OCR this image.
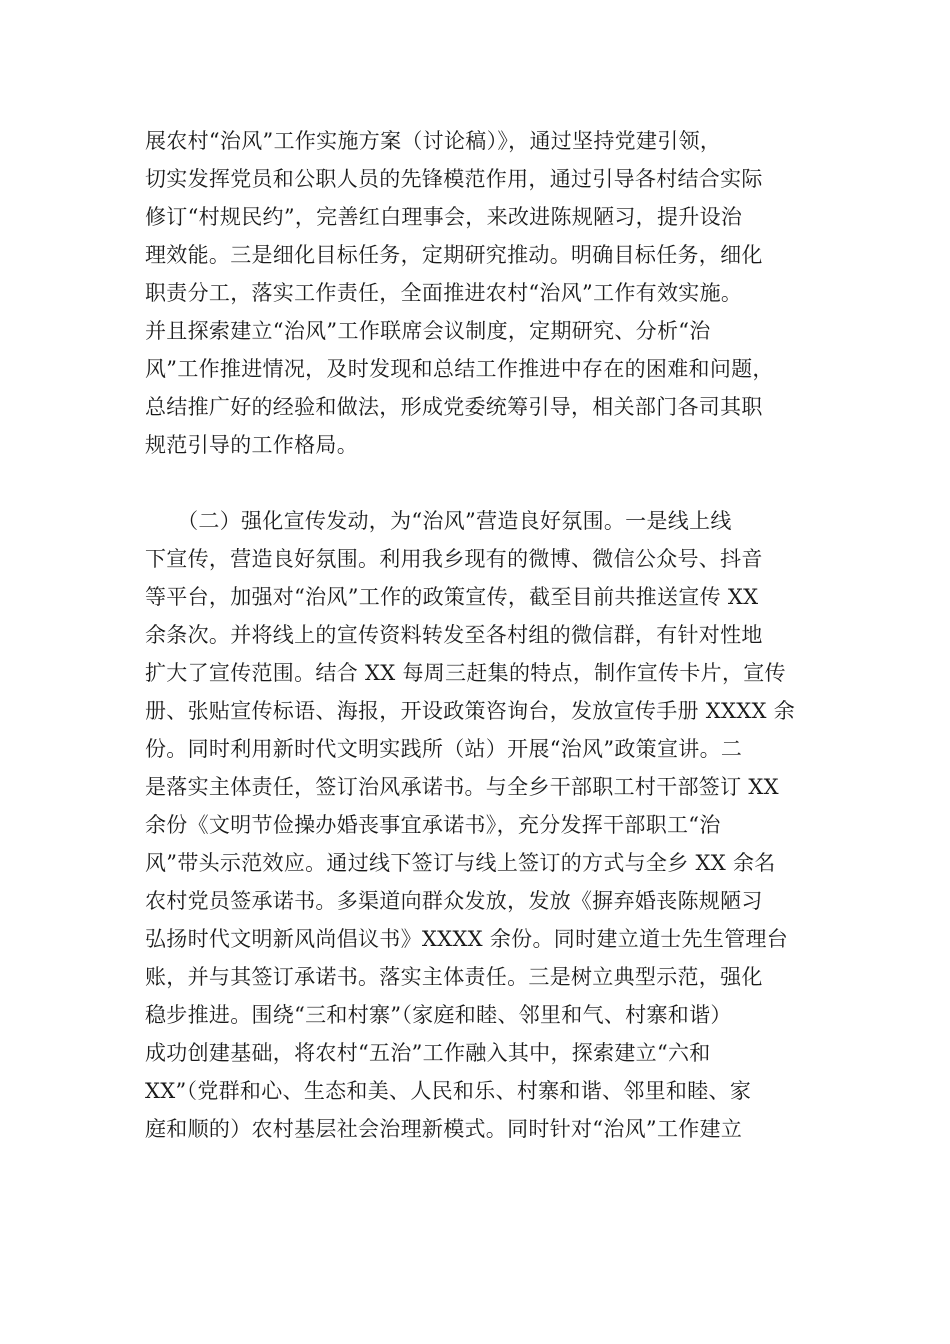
展农村“治风”工作实施方案（讨论稿）》，通过坚持党建引领，
切实发挥党员和公职人员的先锋模范作用，通过引导各村结合实际
修订“村规民约”，完善红白理事会，来改进陈规陋习，提升设治
理效能。三是细化目标任务，定期研究推动。明确目标任务，细化
职责分工，落实工作责任，全面推进农村“治风”工作有效实施。
并且探索建立“治风”工作联席会议制度，定期研究、分析“治
风”工作推进情况，及时发现和总结工作推进中存在的困难和问题，
总结推广好的经验和做法，形成党委统筹引导，相关部门各司其职
规范引导的工作格局。
　　（二）强化宣传发动，为“治风”营造良好氛围。一是线上线
下宣传，营造良好氛围。利用我乡现有的微博、微信公众号、抖音
等平台，加强对“治风”工作的政策宣传，截至目前共推送宣传 XX
余条次。并将线上的宣传资料转发至各村组的微信群，有针对性地
扩大了宣传范围。结合 XX 每周三赶集的特点，制作宣传卡片，宣传
册、张贴宣传标语、海报，开设政策咨询台，发放宣传手册 XXXX 余
份。同时利用新时代文明实践所（站）开展“治风”政策宣讲。二
是落实主体责任，签订治风承诺书。与全乡干部职工村干部签订 XX
余份《文明节俭操办婚丧事宜承诺书》，充分发挥干部职工“治
风”带头示范效应。通过线下签订与线上签订的方式与全乡 XX 余名
农村党员签承诺书。多渠道向群众发放，发放《摒弃婚丧陈规陋习
弘扬时代文明新风尚倡议书》XXXX 余份。同时建立道士先生管理台
账，并与其签订承诺书。落实主体责任。三是树立典型示范，强化
稳步推进。围绕“三和村寨”（家庭和睦、邻里和气、村寨和谐）
成功创建基础，将农村“五治”工作融入其中，探索建立“六和
XX”（党群和心、生态和美、人民和乐、村寨和谐、邻里和睦、家
庭和顺的）农村基层社会治理新模式。同时针对“治风”工作建立
